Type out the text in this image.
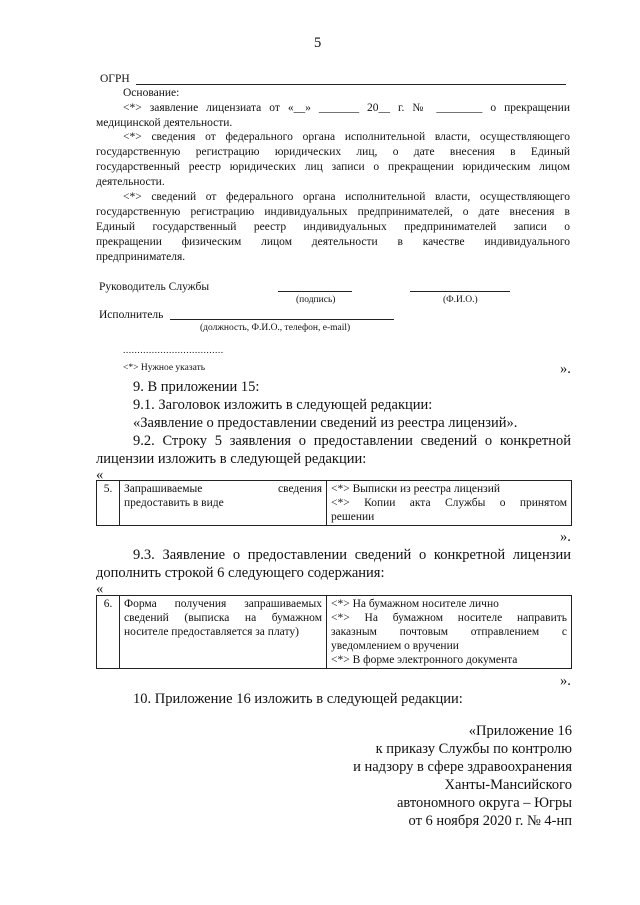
5
ОГРН
Основание:
<*> заявление лицензиата от «__» _______ 20__ г. № ________ о прекращении
медицинской деятельности.
<*> сведения от федерального органа исполнительной власти, осуществляющего
государственную регистрацию юридических лиц, о дате внесения в Единый
государственный реестр юридических лиц записи о прекращении юридическим лицом
деятельности.
<*> сведений от федерального органа исполнительной власти, осуществляющего
государственную регистрацию индивидуальных предпринимателей, о дате внесения в
Единый государственный реестр индивидуальных предпринимателей записи о
прекращении физическим лицом деятельности в качестве индивидуального
предпринимателя.
Руководитель Службы
(подпись)	(Ф.И.О.)
Исполнитель
(должность, Ф.И.О., телефон, e-mail)
...................................
<*> Нужное указать	».
9. В приложении 15:
9.1. Заголовок изложить в следующей редакции:
«Заявление о предоставлении сведений из реестра лицензий».
9.2. Строку 5 заявления о предоставлении сведений о конкретной
лицензии изложить в следующей редакции:
«
5.	Запрашиваемые сведения
предоставить в виде

<*> Выписки из реестра лицензий
<*> Копии акта Службы о принятом
решении
».
9.3. Заявление о предоставлении сведений о конкретной лицензии
дополнить строкой 6 следующего содержания:
«
6.	Форма получения запрашиваемых
сведений (выписка на бумажном
носителе предоставляется за плату)

<*> На бумажном носителе лично
<*> На бумажном носителе направить
заказным почтовым отправлением с
уведомлением о вручении
<*> В форме электронного документа
».
10. Приложение 16 изложить в следующей редакции:
«Приложение 16
к приказу Службы по контролю
и надзору в сфере здравоохранения
Ханты-Мансийского
автономного округа – Югры
от 6 ноября 2020 г. № 4-нп
